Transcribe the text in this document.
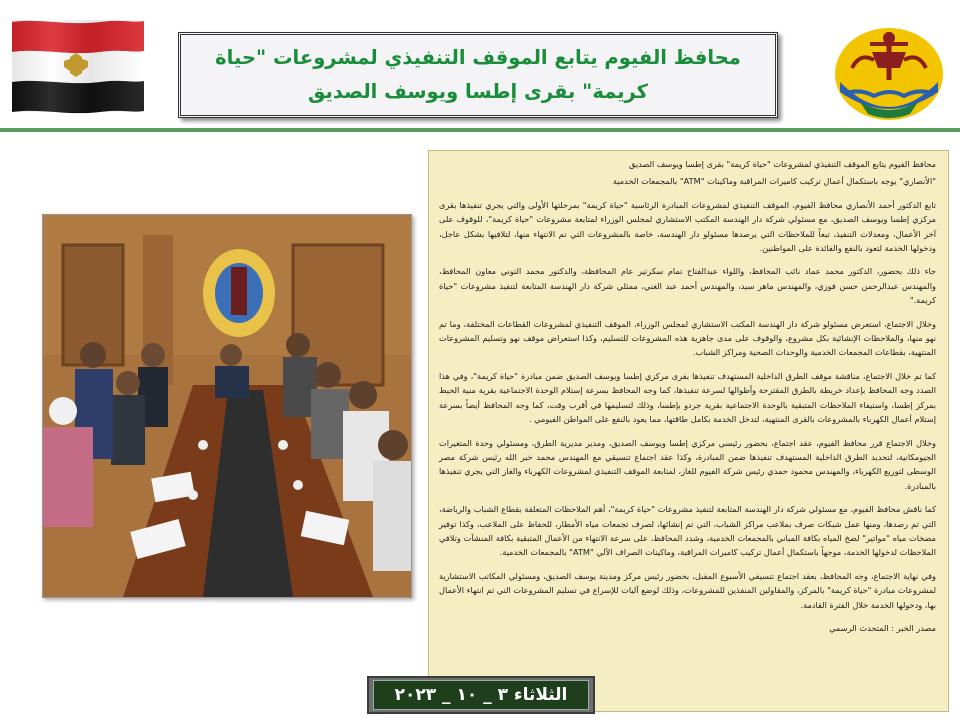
محافظ الفيوم يتابع الموقف التنفيذي لمشروعات "حياة كريمة" بقرى إطسا ويوسف الصديق

محافظ الفيوم يتابع الموقف التنفيذي لمشروعات "حياة كريمة" بقرى إطسا ويوسف الصديق

"الأنصاري" يوجه باستكمال أعمال تركيب كاميرات المراقبة وماكينات "ATM" بالمجمعات الخدمية

تابع الدكتور أحمد الأنصاري محافظ الفيوم، الموقف التنفيذي لمشروعات المبادرة الرئاسية "حياة كريمة" بمرحلتها الأولى والتي يجري تنفيذها بقرى مركزي إطسا ويوسف الصديق، مع مسئولي شركة دار الهندسة المكتب الاستشاري لمجلس الوزراء لمتابعة مشروعات "حياة كريمة"، للوقوف على آخر الأعمال، ومعدلات التنفيذ، تبعاً للملاحظات التي يرصدها مسئولو دار الهندسة، خاصة بالمشروعات التي تم الانتهاء منها، لتلافيها بشكل عاجل، ودخولها الخدمة لتعود بالنفع والفائدة على المواطنين.

جاء ذلك بحضور، الدكتور محمد عماد نائب المحافظ، واللواء عبدالفتاح تمام سكرتير عام المحافظة، والدكتور محمد التوني معاون المحافظ، والمهندس عبدالرحمن حسن فوزي، والمهندس ماهر سيد، والمهندس أحمد عبد الغني، ممثلي شركة دار الهندسة المتابعة لتنفيذ مشروعات "حياة كريمة."

وخلال الاجتماع، استعرض مسئولو شركة دار الهندسة المكتب الاستشاري لمجلس الوزراء، الموقف التنفيذي لمشروعات القطاعات المختلفة، وما تم نهو منها، والملاحظات الإنشائية بكل مشروع، والوقوف على مدى جاهزية هذه المشروعات للتسليم، وكذا استعراض موقف نهو وتسليم المشروعات المنتهية، بقطاعات المجمعات الخدمية والوحدات الصحية ومراكز الشباب.

كما تم خلال الاجتماع، مناقشة موقف الطرق الداخلية المستهدف تنفيذها بقرى مركزي إطسا ويوسف الصديق ضمن مبادرة "حياة كريمة"، وفي هذا الصدد وجه المحافظ بإعداد خريطة بالطرق المقترحة وأطوالها لسرعة تنفيذها، كما وجه المحافظ بسرعة إستلام الوحدة الاجتماعية بقرية منية الحيط بمركز إطسا، واستيفاء الملاحظات المتبقية بالوحدة الاجتماعية بقرية جردو بإطسا، وذلك لتسليمها في أقرب وقت، كما وجه المحافظ أيضاً بسرعة إستلام أعمال الكهرباء بالمشروعات بالقرى المنتهية، لتدخل الخدمة بكامل طاقتها، مما يعود بالنفع على المواطن الفيومي .

وخلال الاجتماع قرر محافظ الفيوم، عقد اجتماع، بحضور رئيسي مركزي إطسا ويوسف الصديق، ومدير مديرية الطرق، ومسئولي وحدة المتغيرات الجيومكانية، لتحديد الطرق الداخلية المستهدف تنفيذها ضمن المبادرة، وكذا عقد اجتماع تنسيقي مع المهندس محمد خير الله رئيس شركة مصر الوسطى لتوزيع الكهرباء، والمهندس محمود حمدي رئيس شركة الفيوم للغاز، لمتابعة الموقف التنفيذي لمشروعات الكهرباء والغاز التي يجري تنفيذها بالمبادرة.

كما ناقش محافظ الفيوم، مع مسئولي شركة دار الهندسة المتابعة لتنفيذ مشروعات "حياة كريمة"، أهم الملاحظات المتعلقة بقطاع الشباب والرياضة، التي تم رصدها، ومنها عمل شبكات صرف بملاعب مراكز الشباب، التي تم إنشائها، لصرف تجمعات مياه الأمطار، للحفاظ على الملاعب، وكذا توفير مضخات مياه "مواتير" لضخ المياه بكافة المباني بالمجمعات الخدمية، وشدد المحافظ، على سرعة الانتهاء من الأعمال المتبقية بكافة المنشآت وتلافي الملاحظات لدخولها الخدمة، موجهاً باستكمال أعمال تركيب كاميرات المراقبة، وماكينات الصراف الآلي "ATM" بالمجمعات الخدمية.

وفي نهاية الاجتماع، وجه المحافظ، بعقد اجتماع تنسيقي الأسبوع المقبل، بحضور رئيس مركز ومدينة يوسف الصديق، ومسئولي المكاتب الاستشارية لمشروعات مبادرة "حياة كريمة" بالمركز، والمقاولين المنفذين للمشروعات، وذلك لوضع آليات للإسراع في تسليم المشروعات التي تم انتهاء الأعمال بها، ودخولها الخدمة خلال الفترة القادمة.

مصدر الخبر : المتحدث الرسمي

الثلاثاء ٣ _ ١٠ _ ٢٠٢٣
